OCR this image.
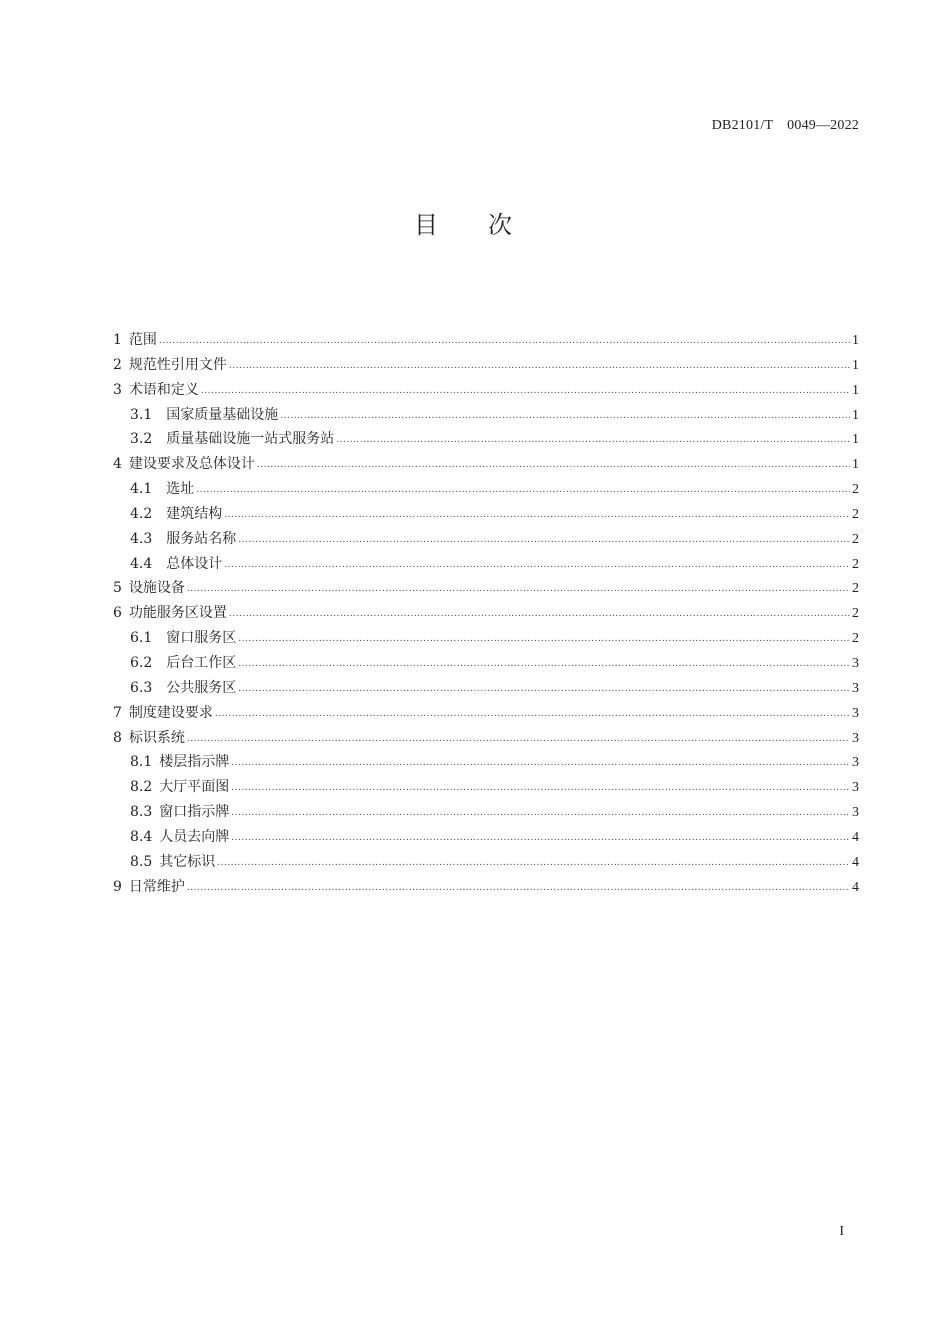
DB2101/T　0049—2022
目次
1 范围 .....	1
2 规范性引用文件 .....	1
3 术语和定义 .....	1
3.1 国家质量基础设施 .....	1
3.2 质量基础设施一站式服务站 .....	1
4 建设要求及总体设计 .....	1
4.1 选址 .....	2
4.2 建筑结构 .....	2
4.3 服务站名称 .....	2
4.4 总体设计 .....	2
5 设施设备 .....	2
6 功能服务区设置 .....	2
6.1 窗口服务区 .....	2
6.2 后台工作区 .....	3
6.3 公共服务区 .....	3
7 制度建设要求 .....	3
8 标识系统 .....	3
8.1 楼层指示牌 .....	3
8.2 大厅平面图 .....	3
8.3 窗口指示牌 .....	3
8.4 人员去向牌 .....	4
8.5 其它标识 .....	4
9 日常维护 .....	4
I
